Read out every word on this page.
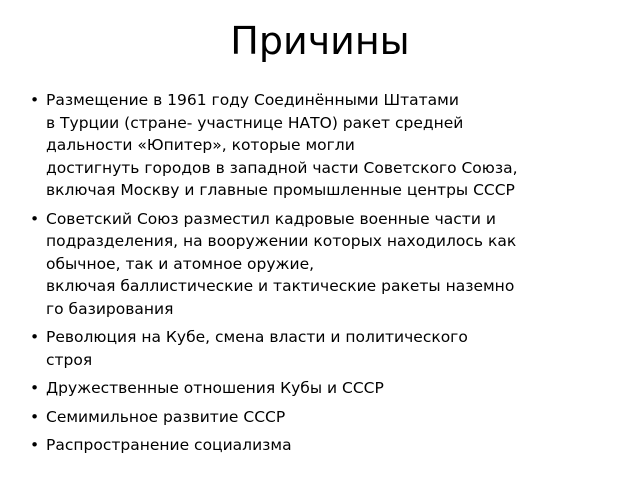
Причины
• Размещение в 1961 году Соединёнными Штатами
в Турции (стране- участнице НАТО) ракет средней
дальности «Юпитер», которые могли
достигнуть городов в западной части Советского Союза,
включая Москву и главные промышленные центры СССР
• Советский Союз разместил кадровые военные части и
подразделения, на вооружении которых находилось как
обычное, так и атомное оружие,
включая баллистические и тактические ракеты наземно
го базирования
• Революция на Кубе, смена власти и политического
строя
• Дружественные отношения Кубы и СССР
• Семимильное развитие СССР
• Распространение социализма
